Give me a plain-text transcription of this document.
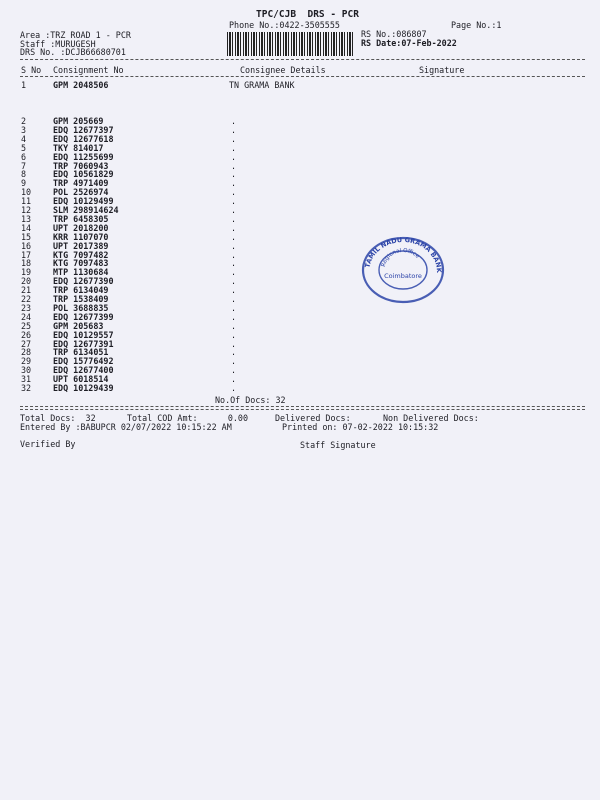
TPC/CJB  DRS - PCR
Phone No.:0422-3505555	Page No.:1
Area :TRZ ROAD 1 - PCR
Staff :MURUGESH
DRS No. :DCJB66680701
RS No.:086807
RS Date:07-Feb-2022
S No Consignment No	Consignee Details	Signature
1	GPM 2048506	TN GRAMA BANK
2	GPM 205669	.
3	EDQ 12677397	.
4	EDQ 12677618	.
5	TKY 814017	.
6	EDQ 11255699	.
7	TRP 7060943	.
8	EDQ 10561829	.
9	TRP 4971409	.
10	POL 2526974	.
11	EDQ 10129499	.
12	SLM 298914624	.
13	TRP 6458305	.
14	UPT 2018200	.
15	KRR 1107070	.
16	UPT 2017389	.
17	KTG 7097482	.
18	KTG 7097483	.
19	MTP 1130684	.
20	EDQ 12677390	.
21	TRP 6134049	.
22	TRP 1538409	.
23	POL 3688835	.
24	EDQ 12677399	.
25	GPM 205683	.
26	EDQ 10129557	.
27	EDQ 12677391	.
28	TRP 6134051	.
29	EDQ 15776492	.
30	EDQ 12677400	.
31	UPT 6018514	.
32	EDQ 10129439	.
No.Of Docs: 32
Total Docs:  32	Total COD Amt:      0.00	Delivered Docs:	Non Delivered Docs:
Entered By :BABUPCR 02/07/2022 10:15:22 AM	Printed on: 07-02-2022 10:15:32
Verified By	Staff Signature
TAMIL NADU GRAMA BANK
Regional Office
Coimbatore
